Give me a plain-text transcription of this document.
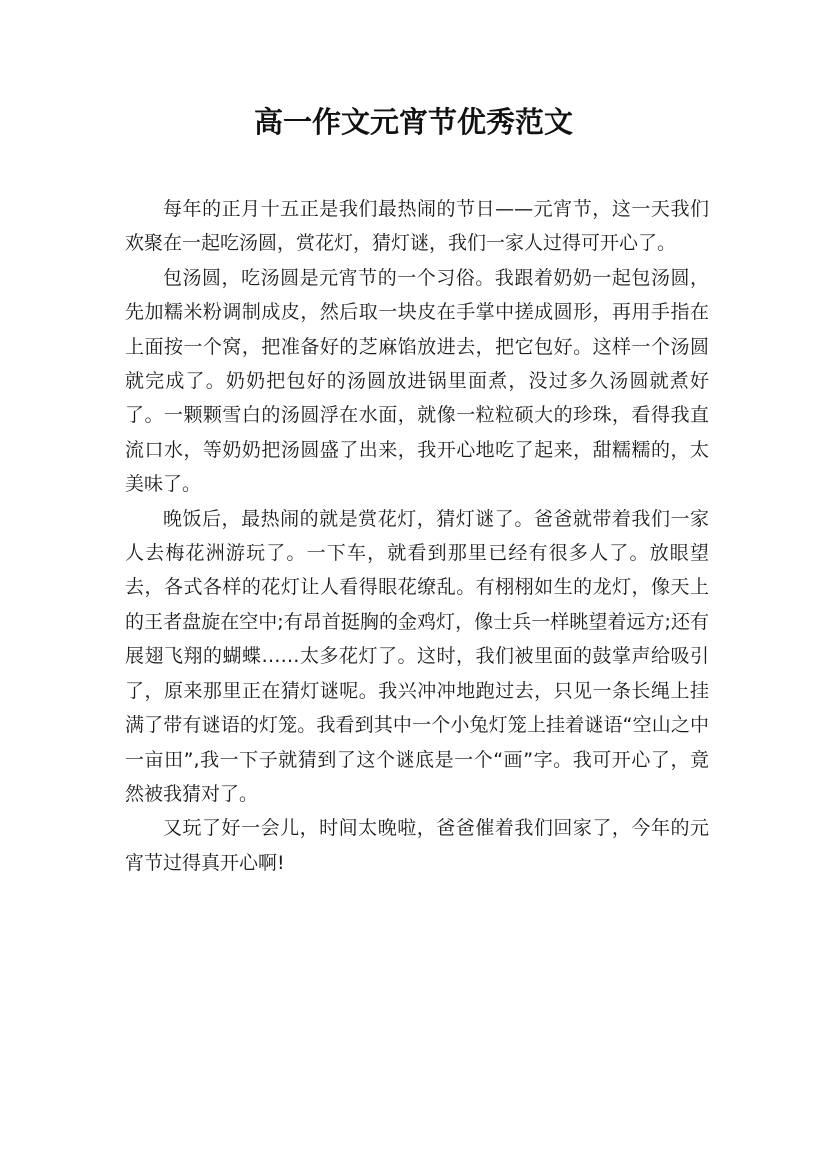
高一作文元宵节优秀范文

每年的正月十五正是我们最热闹的节日——元宵节，这一天我们欢聚在一起吃汤圆，赏花灯，猜灯谜，我们一家人过得可开心了。

包汤圆，吃汤圆是元宵节的一个习俗。我跟着奶奶一起包汤圆，先加糯米粉调制成皮，然后取一块皮在手掌中搓成圆形，再用手指在上面按一个窝，把准备好的芝麻馅放进去，把它包好。这样一个汤圆就完成了。奶奶把包好的汤圆放进锅里面煮，没过多久汤圆就煮好了。一颗颗雪白的汤圆浮在水面，就像一粒粒硕大的珍珠，看得我直流口水，等奶奶把汤圆盛了出来，我开心地吃了起来，甜糯糯的，太美味了。

晚饭后，最热闹的就是赏花灯，猜灯谜了。爸爸就带着我们一家人去梅花洲游玩了。一下车，就看到那里已经有很多人了。放眼望去，各式各样的花灯让人看得眼花缭乱。有栩栩如生的龙灯，像天上的王者盘旋在空中;有昂首挺胸的金鸡灯，像士兵一样眺望着远方;还有展翅飞翔的蝴蝶……太多花灯了。这时，我们被里面的鼓掌声给吸引了，原来那里正在猜灯谜呢。我兴冲冲地跑过去，只见一条长绳上挂满了带有谜语的灯笼。我看到其中一个小兔灯笼上挂着谜语“空山之中一亩田”,我一下子就猜到了这个谜底是一个“画”字。我可开心了，竟然被我猜对了。

又玩了好一会儿，时间太晚啦，爸爸催着我们回家了，今年的元宵节过得真开心啊!
